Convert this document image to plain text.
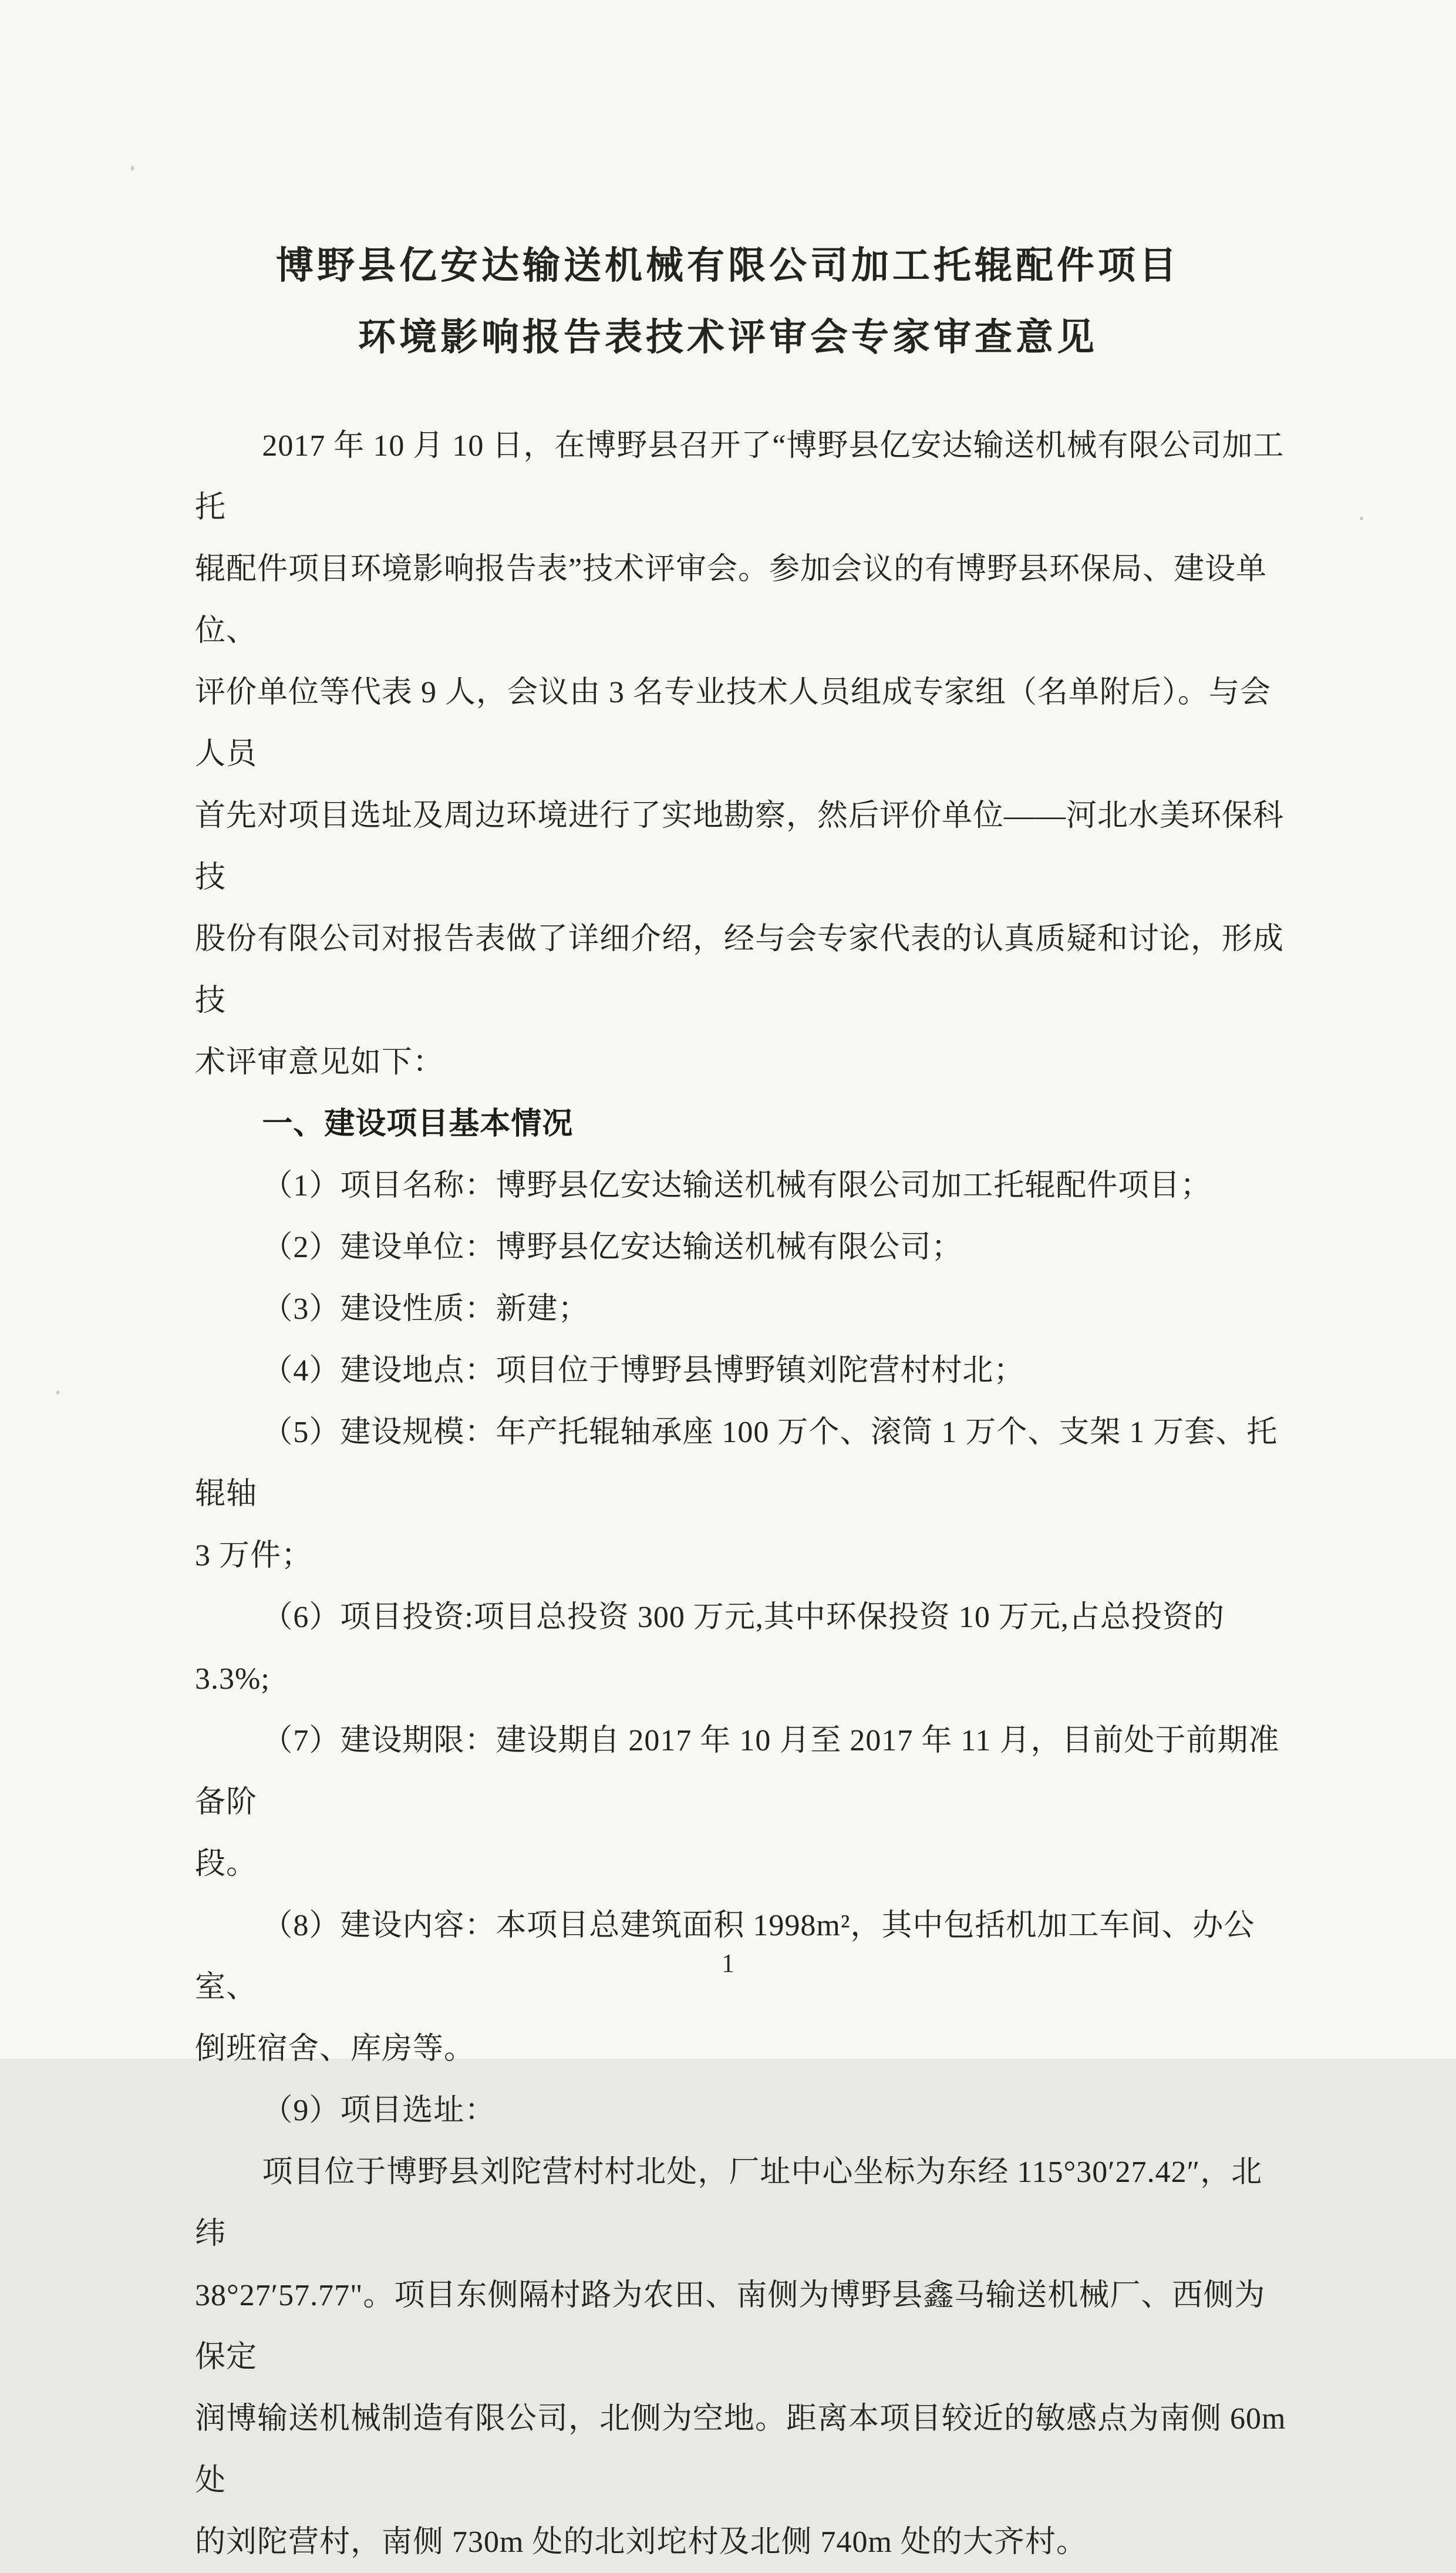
博野县亿安达输送机械有限公司加工托辊配件项目
环境影响报告表技术评审会专家审查意见
2017 年 10 月 10 日，在博野县召开了“博野县亿安达输送机械有限公司加工托
辊配件项目环境影响报告表”技术评审会。参加会议的有博野县环保局、建设单位、
评价单位等代表 9 人，会议由 3 名专业技术人员组成专家组（名单附后）。与会人员
首先对项目选址及周边环境进行了实地勘察，然后评价单位——河北水美环保科技
股份有限公司对报告表做了详细介绍，经与会专家代表的认真质疑和讨论，形成技
术评审意见如下：
一、建设项目基本情况
（1）项目名称：博野县亿安达输送机械有限公司加工托辊配件项目；
（2）建设单位：博野县亿安达输送机械有限公司；
（3）建设性质：新建；
（4）建设地点：项目位于博野县博野镇刘陀营村村北；
（5）建设规模：年产托辊轴承座 100 万个、滚筒 1 万个、支架 1 万套、托辊轴
3 万件；
（6）项目投资:项目总投资 300 万元,其中环保投资 10 万元,占总投资的 3.3%;
（7）建设期限：建设期自 2017 年 10 月至 2017 年 11 月，目前处于前期准备阶
段。
（8）建设内容：本项目总建筑面积 1998m²，其中包括机加工车间、办公室、
倒班宿舍、库房等。
（9）项目选址：
项目位于博野县刘陀营村村北处，厂址中心坐标为东经 115°30′27.42″，北纬
38°27′57.77"。项目东侧隔村路为农田、南侧为博野县鑫马输送机械厂、西侧为保定
润博输送机械制造有限公司，北侧为空地。距离本项目较近的敏感点为南侧 60m 处
的刘陀营村，南侧 730m 处的北刘坨村及北侧 740m 处的大齐村。
1
